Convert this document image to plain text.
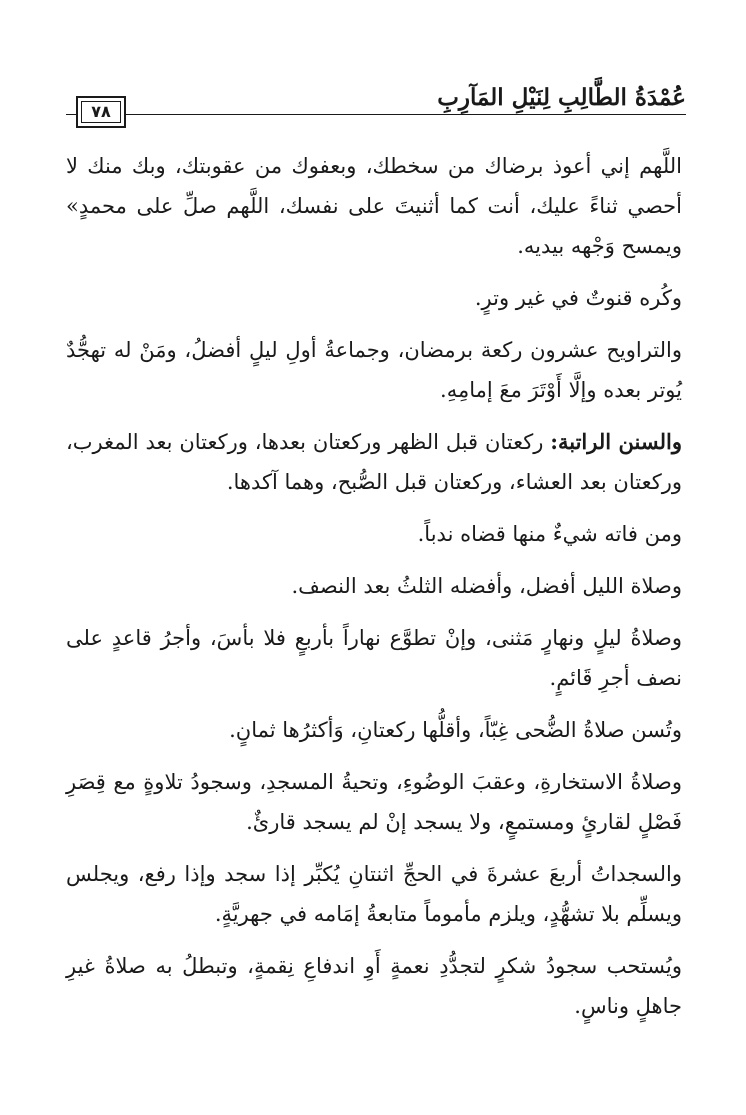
عُمْدَةُ الطَّالِبِ لِنَيْلِ المَآرِبِ
٧٨

اللَّهم إني أعوذ برضاك من سخطك، وبعفوك من عقوبتك، وبك منك لا أحصي ثناءً عليك، أنت كما أثنيتَ على نفسك، اللَّهم صلِّ على محمدٍ» ويمسح وَجْهه بيديه.

وكُره قنوتٌ في غير وترٍ.

والتراويح عشرون ركعة برمضان، وجماعةُ أولِ ليلٍ أفضلُ، ومَنْ له تهجُّدٌ يُوتر بعده وإلَّا أَوْتَرَ معَ إمامِهِ.

والسنن الراتبة: ركعتان قبل الظهر وركعتان بعدها، وركعتان بعد المغرب، وركعتان بعد العشاء، وركعتان قبل الصُّبح، وهما آكدها.

ومن فاته شيءٌ منها قضاه ندباً.

وصلاة الليل أفضل، وأفضله الثلثُ بعد النصف.

وصلاةُ ليلٍ ونهارٍ مَثنى، وإنْ تطوَّع نهاراً بأربعٍ فلا بأسَ، وأجرُ قاعدٍ على نصف أجرِ قَائمٍ.

وتُسن صلاةُ الضُّحى غِبّاً، وأقلُّها ركعتانِ، وَأكثرُها ثمانٍ.

وصلاةُ الاستخارةِ، وعقبَ الوضُوءِ، وتحيةُ المسجدِ، وسجودُ تلاوةٍ مع قِصَرِ فَصْلٍ لقارئٍ ومستمعٍ، ولا يسجد إنْ لم يسجد قارئٌ.

والسجداتُ أربعَ عشرةَ في الحجِّ اثنتانِ يُكبِّر إذا سجد وإذا رفع، ويجلس ويسلِّم بلا تشهُّدٍ، ويلزم مأموماً متابعةُ إمَامه في جهريَّةٍ.

ويُستحب سجودُ شكرٍ لتجدُّدِ نعمةٍ أَوِ اندفاعِ نِقمةٍ، وتبطلُ به صلاةُ غيرِ جاهلٍ وناسٍ.
